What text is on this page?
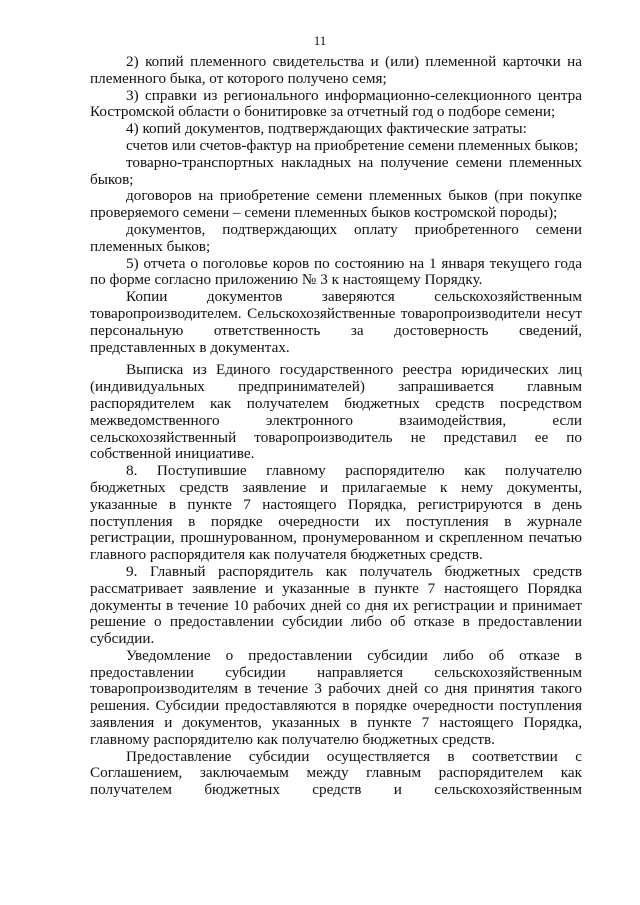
11

2) копий племенного свидетельства и (или) племенной карточки на племенного быка, от которого получено семя;

3) справки из регионального информационно-селекционного центра Костромской области о бонитировке за отчетный год о подборе семени;

4) копий документов, подтверждающих фактические затраты:

счетов или счетов-фактур на приобретение семени племенных быков;

товарно-транспортных накладных на получение семени племенных быков;

договоров на приобретение семени племенных быков (при покупке проверяемого семени – семени племенных быков костромской породы);

документов, подтверждающих оплату приобретенного семени племенных быков;

5) отчета о поголовье коров по состоянию на 1 января текущего года по форме согласно приложению № 3 к настоящему Порядку.

Копии документов заверяются сельскохозяйственным товаропроизводителем. Сельскохозяйственные товаропроизводители несут персональную ответственность за достоверность сведений, представленных в документах.

Выписка из Единого государственного реестра юридических лиц (индивидуальных предпринимателей) запрашивается главным распорядителем как получателем бюджетных средств посредством межведомственного электронного взаимодействия, если сельскохозяйственный товаропроизводитель не представил ее по собственной инициативе.

8. Поступившие главному распорядителю как получателю бюджетных средств заявление и прилагаемые к нему документы, указанные в пункте 7 настоящего Порядка, регистрируются в день поступления в порядке очередности их поступления в журнале регистрации, прошнурованном, пронумерованном и скрепленном печатью главного распорядителя как получателя бюджетных средств.

9. Главный распорядитель как получатель бюджетных средств рассматривает заявление и указанные в пункте 7 настоящего Порядка документы в течение 10 рабочих дней со дня их регистрации и принимает решение о предоставлении субсидии либо об отказе в предоставлении субсидии.

Уведомление о предоставлении субсидии либо об отказе в предоставлении субсидии направляется сельскохозяйственным товаропроизводителям в течение 3 рабочих дней со дня принятия такого решения. Субсидии предоставляются в порядке очередности поступления заявления и документов, указанных в пункте 7 настоящего Порядка, главному распорядителю как получателю бюджетных средств.

Предоставление субсидии осуществляется в соответствии с Соглашением, заключаемым между главным распорядителем как получателем бюджетных средств и сельскохозяйственным
